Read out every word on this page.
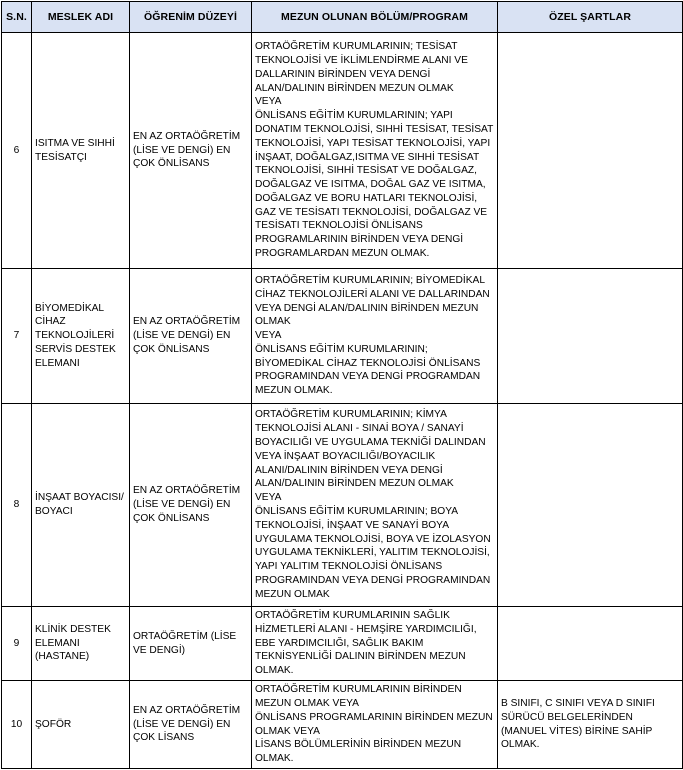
S.N.	MESLEK ADI	ÖĞRENİM DÜZEYİ	MEZUN OLUNAN BÖLÜM/PROGRAM	ÖZEL ŞARTLAR
6	ISITMA VE SIHHİ TESİSATÇI	EN AZ ORTAÖĞRETİM (LİSE VE DENGİ) EN ÇOK ÖNLİSANS	ORTAÖĞRETİM KURUMLARININ; TESİSAT TEKNOLOJİSİ VE İKLİMLENDİRME ALANI VE DALLARININ BİRİNDEN VEYA DENGİ ALAN/DALININ BİRİNDEN MEZUN OLMAK
VEYA
ÖNLİSANS EĞİTİM KURUMLARININ; YAPI DONATIM TEKNOLOJİSİ, SIHHİ TESİSAT, TESİSAT TEKNOLOJİSİ, YAPI TESİSAT TEKNOLOJİSİ, YAPI İNŞAAT, DOĞALGAZ,ISITMA VE SIHHİ TESİSAT TEKNOLOJİSİ, SIHHİ TESİSAT VE DOĞALGAZ, DOĞALGAZ VE ISITMA, DOĞAL GAZ VE ISITMA, DOĞALGAZ VE BORU HATLARI TEKNOLOJİSİ, GAZ VE TESİSATI TEKNOLOJİSİ, DOĞALGAZ VE TESİSATI TEKNOLOJİSİ ÖNLİSANS PROGRAMLARININ BİRİNDEN VEYA DENGİ PROGRAMLARDAN MEZUN OLMAK.	

7	BİYOMEDİKAL CİHAZ TEKNOLOJİLERİ SERVİS DESTEK ELEMANI	EN AZ ORTAÖĞRETİM (LİSE VE DENGİ) EN ÇOK ÖNLİSANS	ORTAÖĞRETİM KURUMLARININ; BİYOMEDİKAL CİHAZ TEKNOLOJİLERİ ALANI VE DALLARINDAN VEYA DENGİ ALAN/DALININ BİRİNDEN MEZUN OLMAK
VEYA
ÖNLİSANS EĞİTİM KURUMLARININ; BİYOMEDİKAL CİHAZ TEKNOLOJİSİ ÖNLİSANS PROGRAMINDAN VEYA DENGİ PROGRAMDAN MEZUN OLMAK.	

8	İNŞAAT BOYACISI/ BOYACI	EN AZ ORTAÖĞRETİM (LİSE VE DENGİ) EN ÇOK ÖNLİSANS	ORTAÖĞRETİM KURUMLARININ; KİMYA TEKNOLOJİSİ ALANI - SINAİ BOYA / SANAYİ BOYACILIĞI VE UYGULAMA TEKNİĞİ DALINDAN VEYA İNŞAAT BOYACILIĞI/BOYACILIK ALANI/DALININ BİRİNDEN VEYA DENGİ ALAN/DALININ BİRİNDEN MEZUN OLMAK
VEYA
ÖNLİSANS EĞİTİM KURUMLARININ; BOYA TEKNOLOJİSİ, İNŞAAT VE SANAYİ BOYA UYGULAMA TEKNOLOJİSİ, BOYA VE İZOLASYON UYGULAMA TEKNİKLERİ, YALITIM TEKNOLOJİSİ, YAPI YALITIM TEKNOLOJİSİ ÖNLİSANS PROGRAMINDAN VEYA DENGİ PROGRAMINDAN MEZUN OLMAK	

9	KLİNİK DESTEK ELEMANI (HASTANE)	ORTAÖĞRETİM (LİSE VE DENGİ)	ORTAÖĞRETİM KURUMLARININ SAĞLIK HİZMETLERİ ALANI - HEMŞİRE YARDIMCILIĞI, EBE YARDIMCILIĞI, SAĞLIK BAKIM TEKNİSYENLİĞİ DALININ BİRİNDEN MEZUN OLMAK.	

10	ŞOFÖR	EN AZ ORTAÖĞRETİM (LİSE VE DENGİ) EN ÇOK LİSANS	ORTAÖĞRETİM KURUMLARININ BİRİNDEN MEZUN OLMAK VEYA
ÖNLİSANS PROGRAMLARININ BİRİNDEN MEZUN OLMAK VEYA
LİSANS BÖLÜMLERİNİN BİRİNDEN MEZUN OLMAK.	B SINIFI, C SINIFI VEYA D SINIFI SÜRÜCÜ BELGELERİNDEN (MANUEL VİTES) BİRİNE SAHİP OLMAK.
